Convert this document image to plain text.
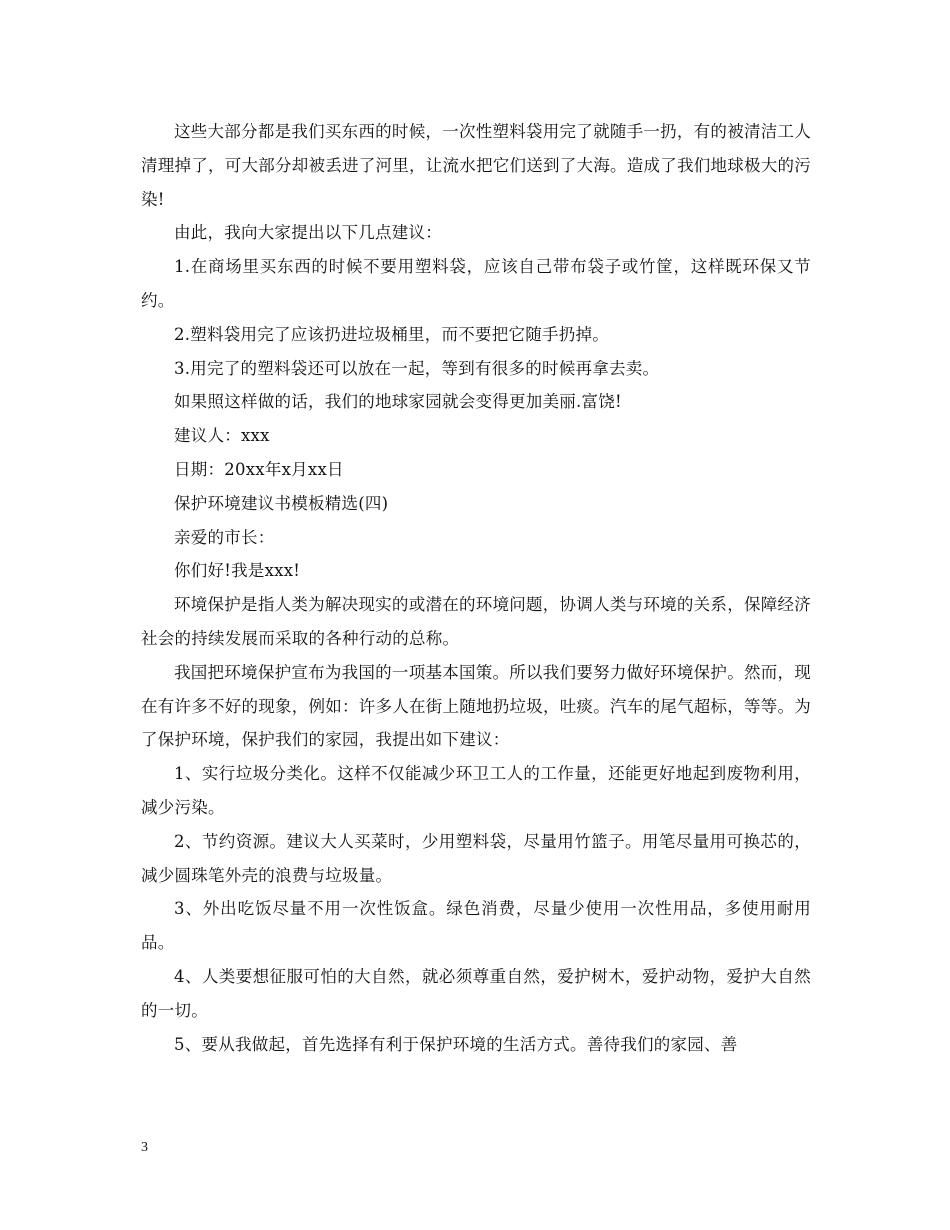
这些大部分都是我们买东西的时候，一次性塑料袋用完了就随手一扔，有的被清洁工人清理掉了，可大部分却被丢进了河里，让流水把它们送到了大海。造成了我们地球极大的污染!

由此，我向大家提出以下几点建议：

1.在商场里买东西的时候不要用塑料袋，应该自己带布袋子或竹筐，这样既环保又节约。

2.塑料袋用完了应该扔进垃圾桶里，而不要把它随手扔掉。

3.用完了的塑料袋还可以放在一起，等到有很多的时候再拿去卖。

如果照这样做的话，我们的地球家园就会变得更加美丽.富饶!

建议人：xxx

日期：20xx年x月xx日

保护环境建议书模板精选(四)

亲爱的市长：

你们好!我是xxx!

环境保护是指人类为解决现实的或潜在的环境问题，协调人类与环境的关系，保障经济社会的持续发展而采取的各种行动的总称。

我国把环境保护宣布为我国的一项基本国策。所以我们要努力做好环境保护。然而，现在有许多不好的现象，例如：许多人在街上随地扔垃圾，吐痰。汽车的尾气超标，等等。为了保护环境，保护我们的家园，我提出如下建议：

1、实行垃圾分类化。这样不仅能减少环卫工人的工作量，还能更好地起到废物利用，减少污染。

2、节约资源。建议大人买菜时，少用塑料袋，尽量用竹篮子。用笔尽量用可换芯的，减少圆珠笔外壳的浪费与垃圾量。

3、外出吃饭尽量不用一次性饭盒。绿色消费，尽量少使用一次性用品，多使用耐用品。

4、人类要想征服可怕的大自然，就必须尊重自然，爱护树木，爱护动物，爱护大自然的一切。

5、要从我做起，首先选择有利于保护环境的生活方式。善待我们的家园、善

3
